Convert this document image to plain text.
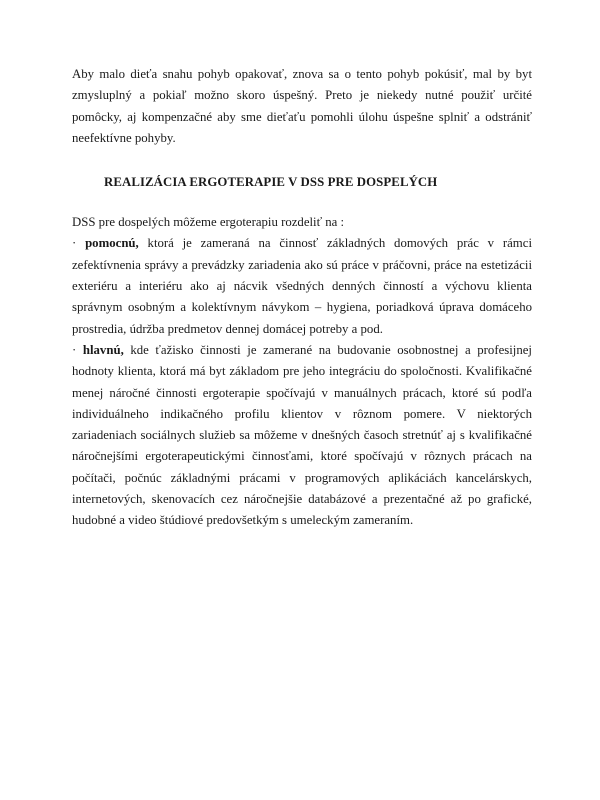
Aby malo dieťa snahu pohyb opakovať, znova sa o tento pohyb pokúsiť, mal by byt zmysluplný a pokiaľ možno skoro úspešný. Preto je niekedy nutné použiť určité pomôcky, aj kompenzačné aby sme dieťaťu pomohli úlohu úspešne splniť a odstrániť neefektívne pohyby.

REALIZÁCIA ERGOTERAPIE V DSS PRE DOSPELÝCH

DSS pre dospelých môžeme ergoterapiu rozdeliť na :

· pomocnú, ktorá je zameraná na činnosť základných domových prác v rámci zefektívnenia správy a prevádzky zariadenia ako sú práce v práčovni, práce na estetizácii exteriéru a interiéru ako aj nácvik všedných denných činností a výchovu klienta správnym osobným a kolektívnym návykom – hygiena, poriadková úprava domáceho prostredia, údržba predmetov dennej domácej potreby a pod.

· hlavnú, kde ťažisko činnosti je zamerané na budovanie osobnostnej a profesijnej hodnoty klienta, ktorá má byt základom pre jeho integráciu do spoločnosti. Kvalifikačné menej náročné činnosti ergoterapie spočívajú v manuálnych prácach, ktoré sú podľa individuálneho indikačného profilu klientov v rôznom pomere. V niektorých zariadeniach sociálnych služieb sa môžeme v dnešných časoch stretnúť aj s kvalifikačné náročnejšími ergoterapeutickými činnosťami, ktoré spočívajú v rôznych prácach na počítači, počnúc základnými prácami v programových aplikáciách kancelárskych, internetových, skenovacích cez náročnejšie databázové a prezentačné až po grafické, hudobné a video štúdiové predovšetkým s umeleckým zameraním.
